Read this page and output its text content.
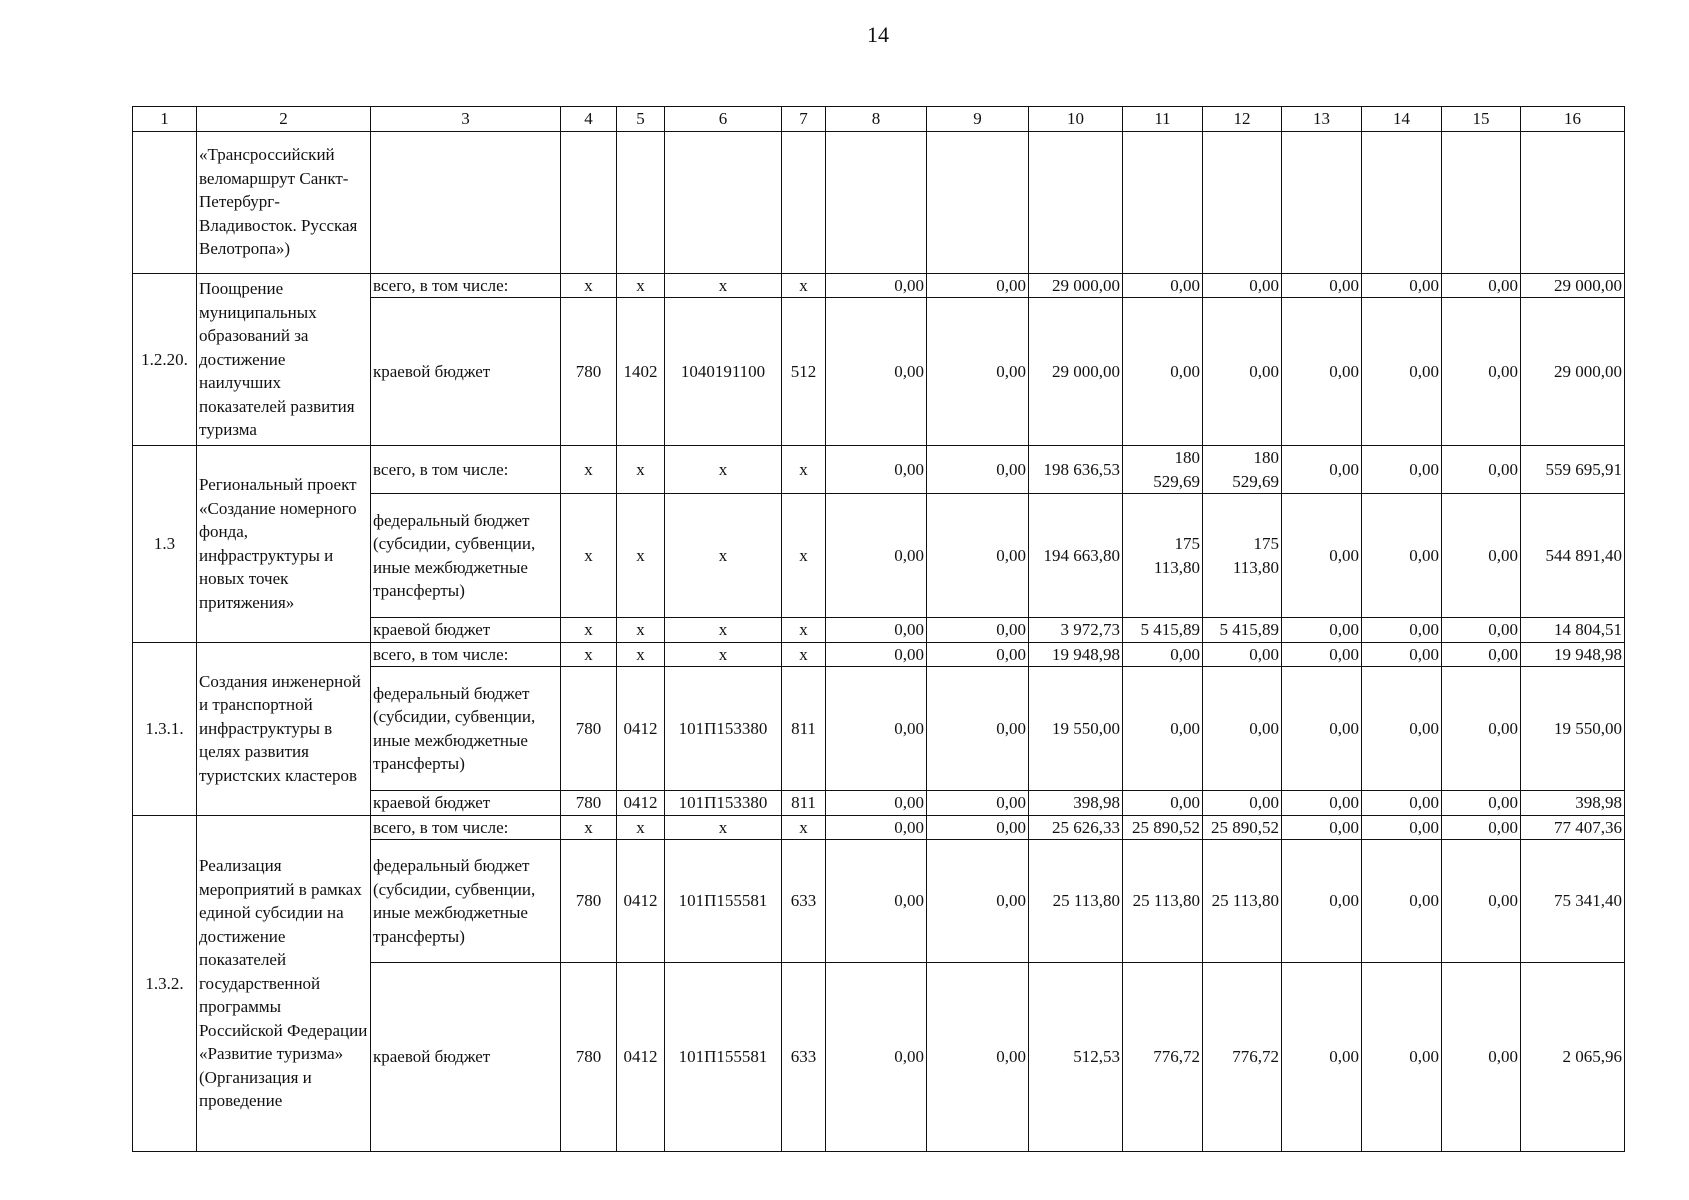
14
1	2	3	4	5	6	7	8	9	10	11	12	13	14	15	16
	«Трансроссийский веломаршрут Санкт-Петербург-Владивосток. Русская Велотропа»)														
1.2.20.	Поощрение муниципальных образований за достижение наилучших показателей развития туризма	всего, в том числе:	х	х	х	х	0,00	0,00	29 000,00	0,00	0,00	0,00	0,00	0,00	29 000,00
		краевой бюджет	780	1402	1040191100	512	0,00	0,00	29 000,00	0,00	0,00	0,00	0,00	0,00	29 000,00
1.3	Региональный проект «Создание номерного фонда, инфраструктуры и новых точек притяжения»	всего, в том числе:	х	х	х	х	0,00	0,00	198 636,53	180 529,69	180 529,69	0,00	0,00	0,00	559 695,91
		федеральный бюджет (субсидии, субвенции, иные межбюджетные трансферты)	х	х	х	х	0,00	0,00	194 663,80	175 113,80	175 113,80	0,00	0,00	0,00	544 891,40
		краевой бюджет	х	х	х	х	0,00	0,00	3 972,73	5 415,89	5 415,89	0,00	0,00	0,00	14 804,51
1.3.1.	Создания инженерной и транспортной инфраструктуры в целях развития туристских кластеров	всего, в том числе:	х	х	х	х	0,00	0,00	19 948,98	0,00	0,00	0,00	0,00	0,00	19 948,98
		федеральный бюджет (субсидии, субвенции, иные межбюджетные трансферты)	780	0412	101П153380	811	0,00	0,00	19 550,00	0,00	0,00	0,00	0,00	0,00	19 550,00
		краевой бюджет	780	0412	101П153380	811	0,00	0,00	398,98	0,00	0,00	0,00	0,00	0,00	398,98
1.3.2.	Реализация мероприятий в рамках единой субсидии на достижение показателей государственной программы Российской Федерации «Развитие туризма» (Организация и проведение	всего, в том числе:	х	х	х	х	0,00	0,00	25 626,33	25 890,52	25 890,52	0,00	0,00	0,00	77 407,36
		федеральный бюджет (субсидии, субвенции, иные межбюджетные трансферты)	780	0412	101П155581	633	0,00	0,00	25 113,80	25 113,80	25 113,80	0,00	0,00	0,00	75 341,40
		краевой бюджет	780	0412	101П155581	633	0,00	0,00	512,53	776,72	776,72	0,00	0,00	0,00	2 065,96
